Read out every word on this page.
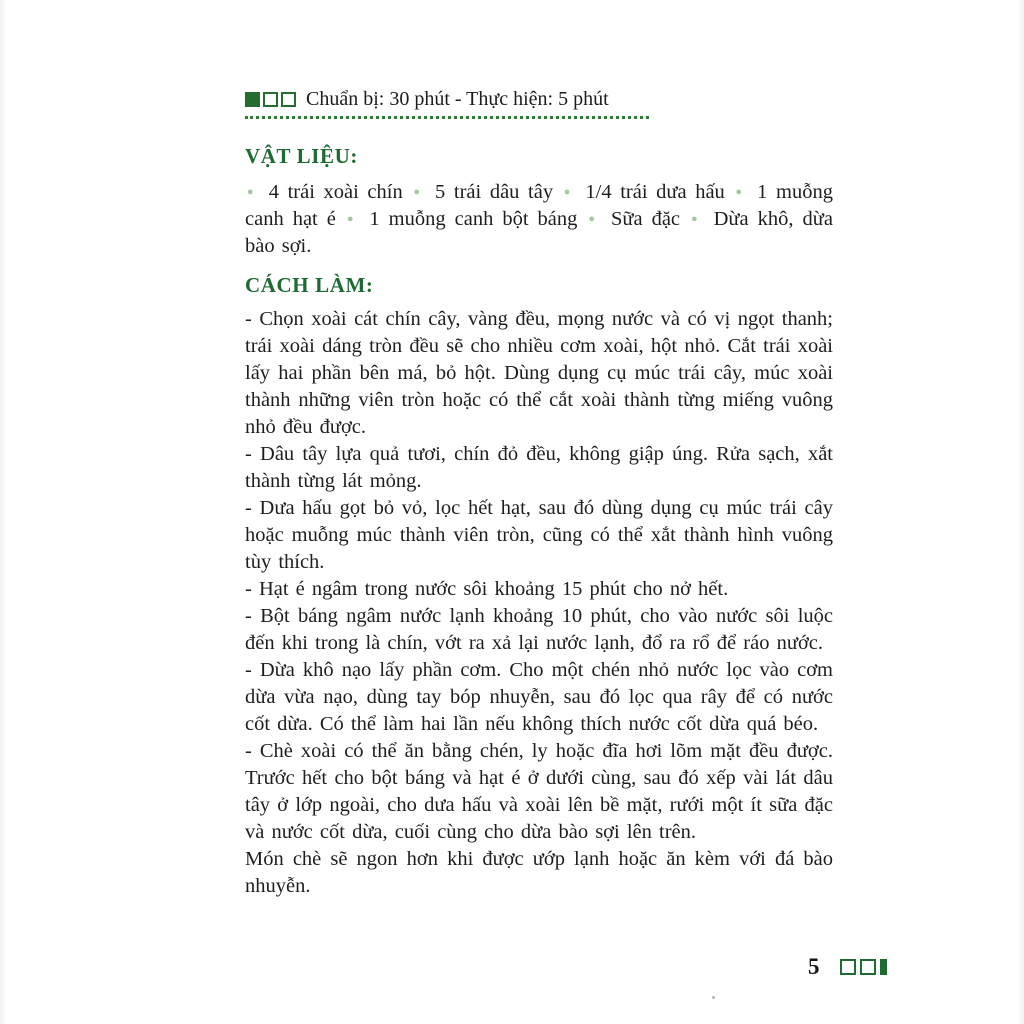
Chuẩn bị: 30 phút - Thực hiện: 5 phút
VẬT LIỆU:

● 4 trái xoài chín ● 5 trái dâu tây ● 1/4 trái dưa hấu ● 1 muỗng canh hạt é ● 1 muỗng canh bột báng ● Sữa đặc ● Dừa khô, dừa bào sợi.

CÁCH LÀM:

- Chọn xoài cát chín cây, vàng đều, mọng nước và có vị ngọt thanh; trái xoài dáng tròn đều sẽ cho nhiều cơm xoài, hột nhỏ. Cắt trái xoài lấy hai phần bên má, bỏ hột. Dùng dụng cụ múc trái cây, múc xoài thành những viên tròn hoặc có thể cắt xoài thành từng miếng vuông nhỏ đều được.

- Dâu tây lựa quả tươi, chín đỏ đều, không giập úng. Rửa sạch, xắt thành từng lát mỏng.

- Dưa hấu gọt bỏ vỏ, lọc hết hạt, sau đó dùng dụng cụ múc trái cây hoặc muỗng múc thành viên tròn, cũng có thể xắt thành hình vuông tùy thích.

- Hạt é ngâm trong nước sôi khoảng 15 phút cho nở hết.

- Bột báng ngâm nước lạnh khoảng 10 phút, cho vào nước sôi luộc đến khi trong là chín, vớt ra xả lại nước lạnh, đổ ra rổ để ráo nước.

- Dừa khô nạo lấy phần cơm. Cho một chén nhỏ nước lọc vào cơm dừa vừa nạo, dùng tay bóp nhuyễn, sau đó lọc qua rây để có nước cốt dừa. Có thể làm hai lần nếu không thích nước cốt dừa quá béo.

- Chè xoài có thể ăn bằng chén, ly hoặc đĩa hơi lõm mặt đều được. Trước hết cho bột báng và hạt é ở dưới cùng, sau đó xếp vài lát dâu tây ở lớp ngoài, cho dưa hấu và xoài lên bề mặt, rưới một ít sữa đặc và nước cốt dừa, cuối cùng cho dừa bào sợi lên trên.

Món chè sẽ ngon hơn khi được ướp lạnh hoặc ăn kèm với đá bào nhuyễn.

5
